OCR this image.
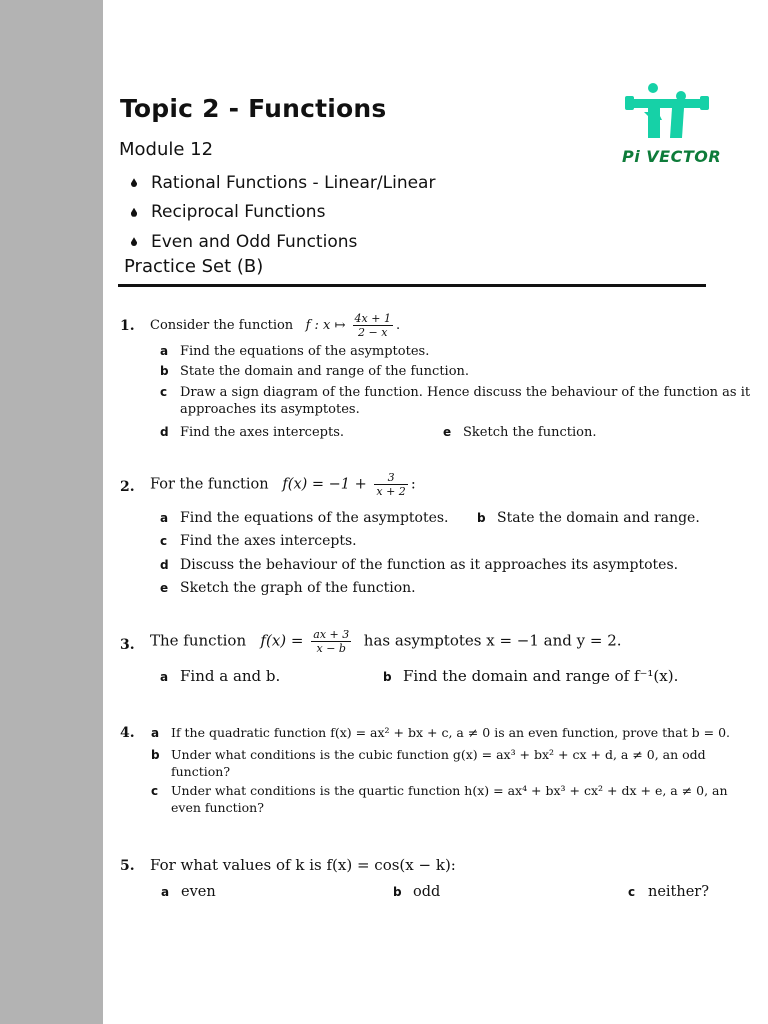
Topic 2 - Functions
Module 12
Rational Functions - Linear/Linear
Reciprocal Functions
Even and Odd Functions
Practice Set (B)
Pi VECTOR
1. Consider the function f : x ↦ $\frac{4x + 1}{2 - x}$ .
a Find the equations of the asymptotes.
b State the domain and range of the function.
c Draw a sign diagram of the function. Hence discuss the behaviour of the function as it
approaches its asymptotes.
d Find the axes intercepts.	e Sketch the function.
2. For the function $f(x) = -1 + \frac{3}{x + 2}$ :
a Find the equations of the asymptotes. b State the domain and range.
c Find the axes intercepts.
d Discuss the behaviour of the function as it approaches its asymptotes.
e Sketch the graph of the function.
3. The function $f(x) = \frac{ax + 3}{x - b}$ has asymptotes x = −1 and y = 2.
a Find a and b.	b Find the domain and range of f⁻¹(x).
4. a If the quadratic function f(x) = ax² + bx + c, a ≠ 0 is an even function, prove that b = 0.
b Under what conditions is the cubic function g(x) = ax³ + bx² + cx + d, a ≠ 0, an odd
function?
c Under what conditions is the quartic function h(x) = ax⁴ + bx³ + cx² + dx + e, a ≠ 0, an
even function?
5. For what values of k is f(x) = cos(x − k):
a even	b odd	c neither?
